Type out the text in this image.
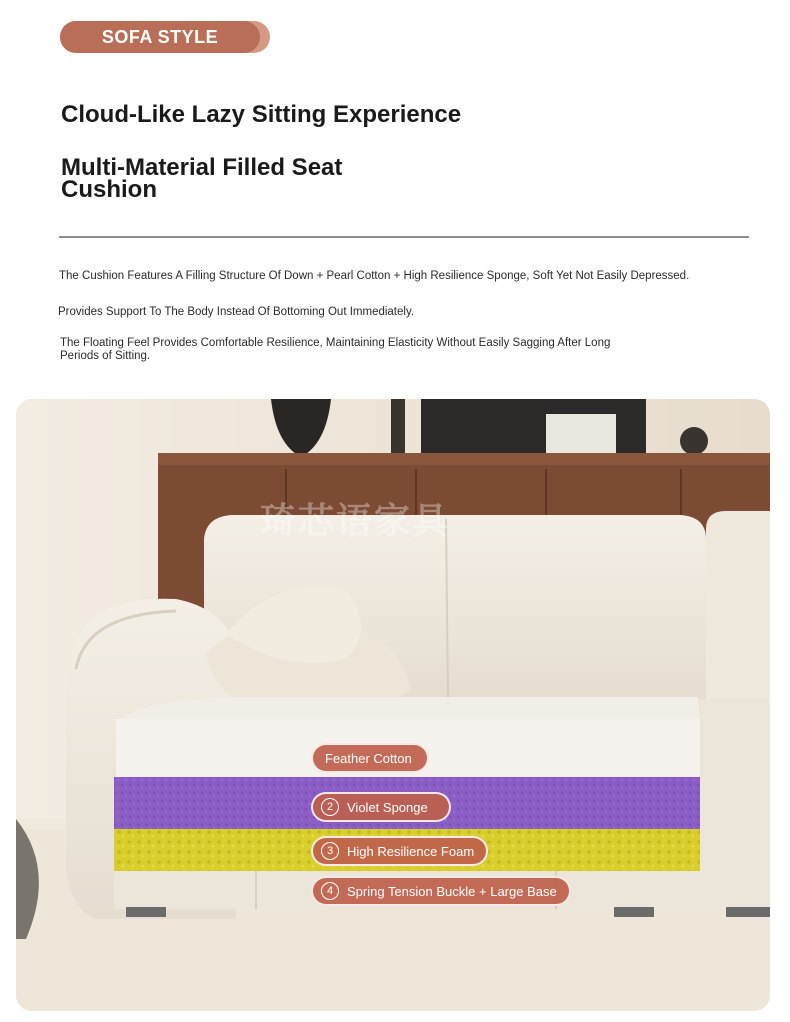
SOFA STYLE
Cloud-Like Lazy Sitting Experience
Multi-Material Filled Seat Cushion

The Cushion Features A Filling Structure Of Down + Pearl Cotton + High Resilience Sponge, Soft Yet Not Easily Depressed.

Provides Support To The Body Instead Of Bottoming Out Immediately.

The Floating Feel Provides Comfortable Resilience, Maintaining Elasticity Without Easily Sagging After Long Periods of Sitting.

琦芯语家具
Feather Cotton
2	Violet Sponge
3	High Resilience Foam
4	Spring Tension Buckle + Large Base
